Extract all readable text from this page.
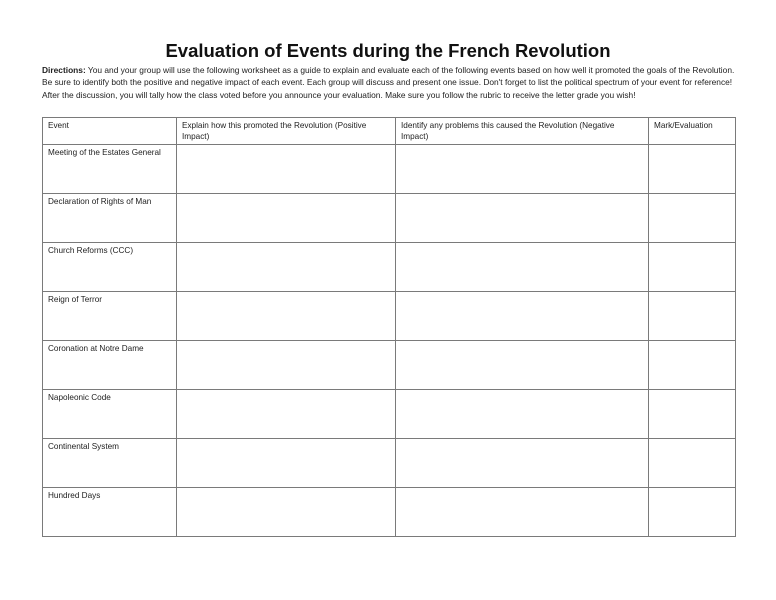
Evaluation of Events during the French Revolution
Directions: You and your group will use the following worksheet as a guide to explain and evaluate each of the following events based on how well it promoted the goals of the Revolution. Be sure to identify both the positive and negative impact of each event. Each group will discuss and present one issue. Don't forget to list the political spectrum of your event for reference! After the discussion, you will tally how the class voted before you announce your evaluation. Make sure you follow the rubric to receive the letter grade you wish!
Event	Explain how this promoted the Revolution (Positive Impact)	Identify any problems this caused the Revolution (Negative Impact)	Mark/Evaluation
Meeting of the Estates General			
Declaration of Rights of Man			
Church Reforms (CCC)			
Reign of Terror			
Coronation at Notre Dame			
Napoleonic Code			
Continental System			
Hundred Days			
